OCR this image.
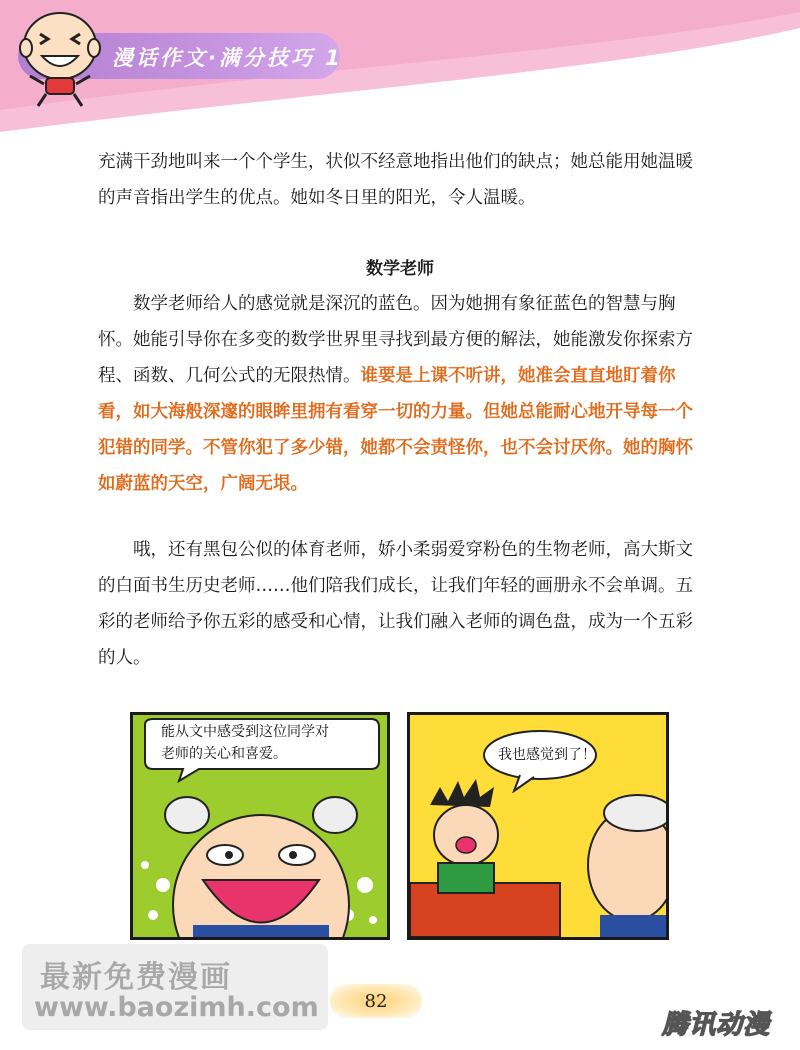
漫话作文·满分技巧 1

充满干劲地叫来一个个学生，状似不经意地指出他们的缺点；她总能用她温暖的声音指出学生的优点。她如冬日里的阳光，令人温暖。

数学老师

数学老师给人的感觉就是深沉的蓝色。因为她拥有象征蓝色的智慧与胸怀。她能引导你在多变的数学世界里寻找到最方便的解法，她能激发你探索方程、函数、几何公式的无限热情。谁要是上课不听讲，她准会直直地盯着你看，如大海般深邃的眼眸里拥有看穿一切的力量。但她总能耐心地开导每一个犯错的同学。不管你犯了多少错，她都不会责怪你，也不会讨厌你。她的胸怀如蔚蓝的天空，广阔无垠。

哦，还有黑包公似的体育老师，娇小柔弱爱穿粉色的生物老师，高大斯文的白面书生历史老师……他们陪我们成长，让我们年轻的画册永不会单调。五彩的老师给予你五彩的感受和心情，让我们融入老师的调色盘，成为一个五彩的人。

能从文中感受到这位同学对
老师的关心和喜爱。	我也感觉到了！
最新免费漫画
www.baozimh.com	82
腾讯动漫
